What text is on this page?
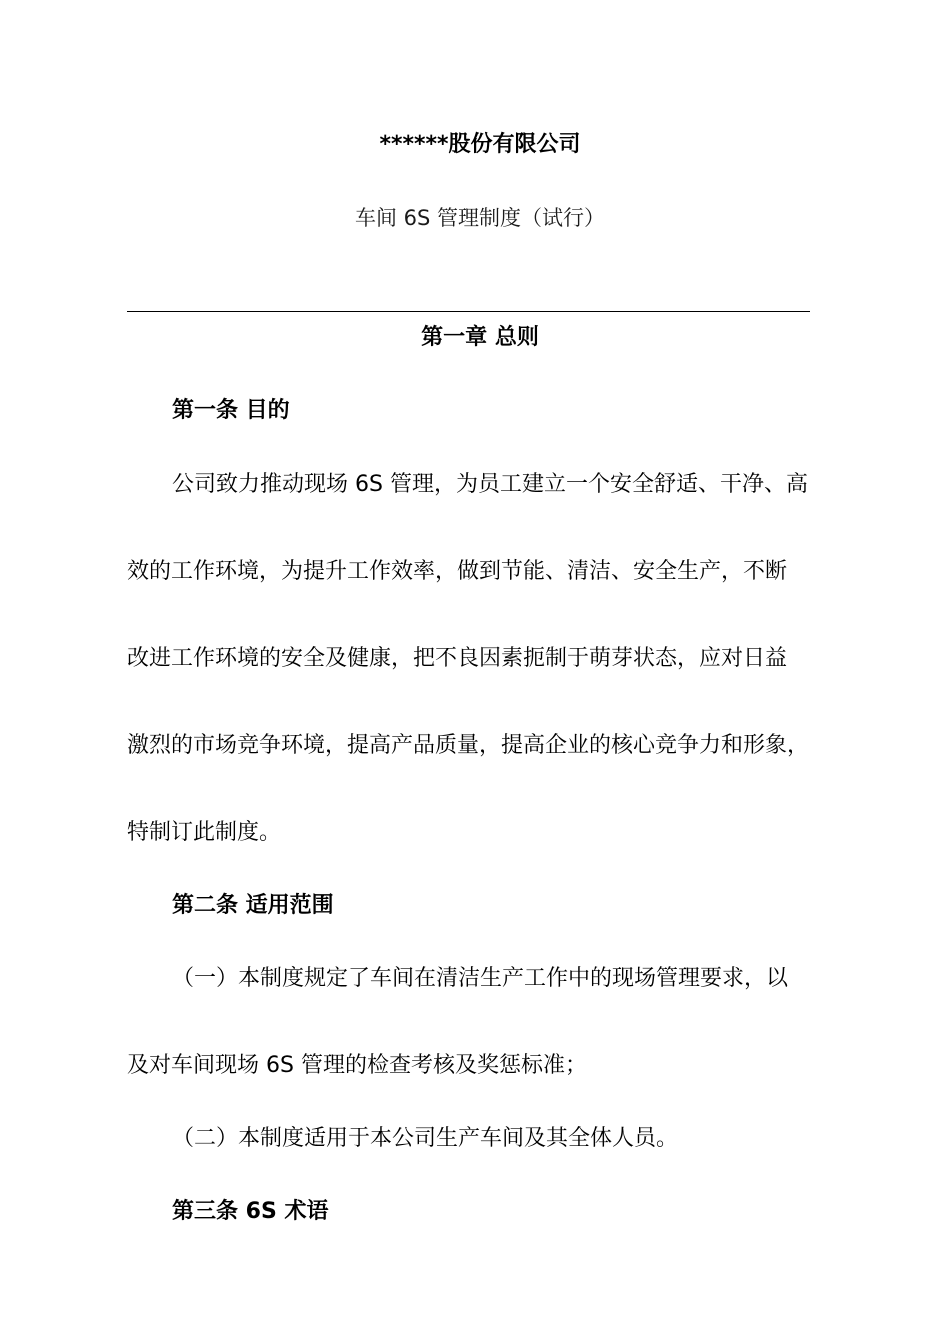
******股份有限公司
车间 6S 管理制度（试行）
第一章 总则
第一条 目的
公司致力推动现场 6S 管理，为员工建立一个安全舒适、干净、高
效的工作环境，为提升工作效率，做到节能、清洁、安全生产，不断
改进工作环境的安全及健康，把不良因素扼制于萌芽状态，应对日益
激烈的市场竞争环境，提高产品质量，提高企业的核心竞争力和形象，
特制订此制度。
第二条 适用范围
（一）本制度规定了车间在清洁生产工作中的现场管理要求，以
及对车间现场 6S 管理的检查考核及奖惩标准；
（二）本制度适用于本公司生产车间及其全体人员。
第三条 6S 术语
